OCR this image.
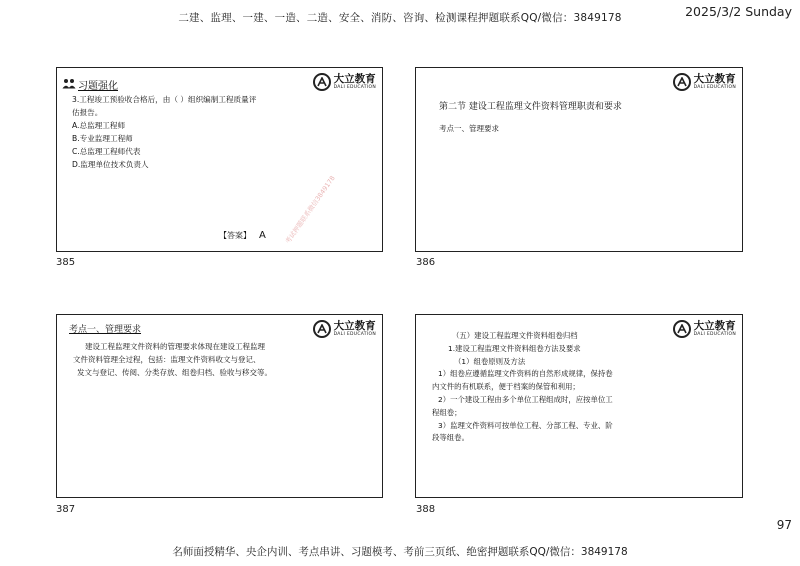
二建、监理、一建、一造、二造、安全、消防、咨询、检测课程押题联系QQ/微信：3849178	2025/3/2 Sunday
习题强化
大立教育
DALI EDUCATION
3.工程竣工预验收合格后，由（ ）组织编制工程质量评
估报告。
A.总监理工程师
B.专业监理工程师
C.总监理工程师代表
D.监理单位技术负责人
【答案】 A	考试押题联系微信3849178
385
大立教育
DALI EDUCATION
第二节 建设工程监理文件资料管理职责和要求
考点一、管理要求
386
考点一、管理要求	大立教育
DALI EDUCATION
建设工程监理文件资料的管理要求体现在建设工程监理
文件资料管理全过程，包括：监理文件资料收文与登记、
发文与登记、传阅、分类存放、组卷归档、验收与移交等。
387
大立教育
DALI EDUCATION
（五）建设工程监理文件资料组卷归档
1.建设工程监理文件资料组卷方法及要求
（1）组卷原则及方法
1）组卷应遵循监理文件资料的自然形成规律，保持卷
内文件的有机联系，便于档案的保管和利用；
2）一个建设工程由多个单位工程组成时，应按单位工
程组卷；
3）监理文件资料可按单位工程、分部工程、专业、阶
段等组卷。
388
97
名师面授精华、央企内训、考点串讲、习题模考、考前三页纸、绝密押题联系QQ/微信：3849178
